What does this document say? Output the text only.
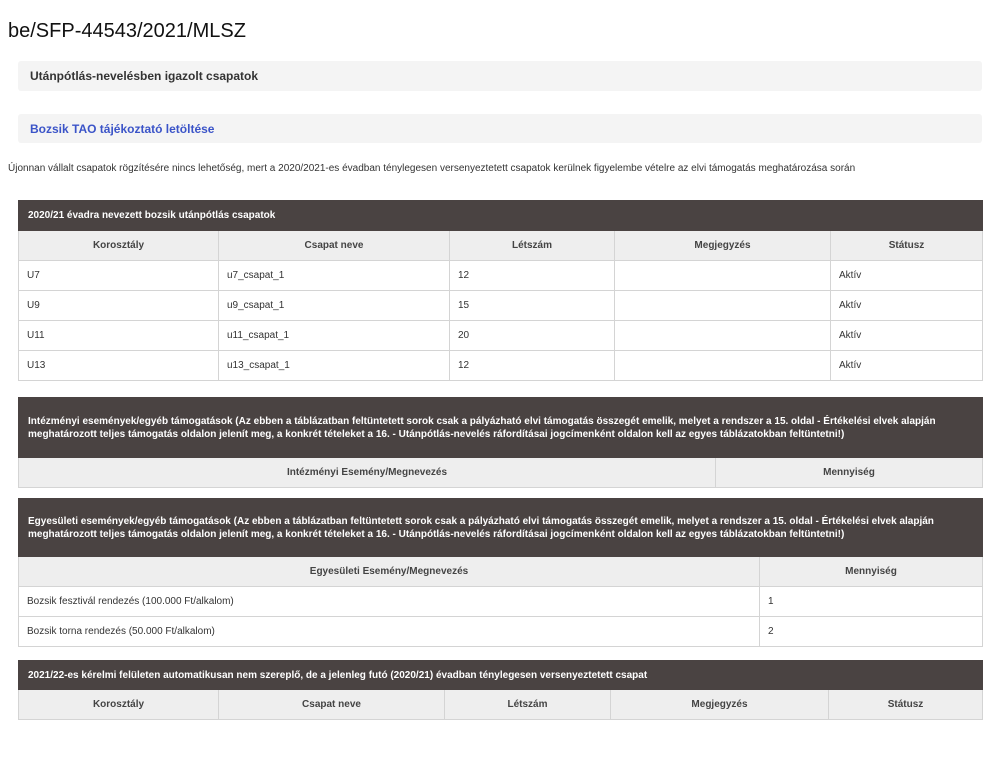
be/SFP-44543/2021/MLSZ
Utánpótlás-nevelésben igazolt csapatok
Bozsik TAO tájékoztató letöltése
Újonnan vállalt csapatok rögzítésére nincs lehetőség, mert a 2020/2021-es évadban ténylegesen versenyeztetett csapatok kerülnek figyelembe vételre az elvi támogatás meghatározása során
2020/21 évadra nevezett bozsik utánpótlás csapatok				
Korosztály	Csapat neve	Létszám	Megjegyzés	Státusz
U7	u7_csapat_1	12		Aktív
U9	u9_csapat_1	15		Aktív
U11	u11_csapat_1	20		Aktív
U13	u13_csapat_1	12		Aktív
Intézményi események/egyéb támogatások (Az ebben a táblázatban feltüntetett sorok csak a pályázható elvi támogatás összegét emelik, melyet a rendszer a 15. oldal - Értékelési elvek alapján meghatározott teljes támogatás oldalon jelenít meg, a konkrét tételeket a 16. - Utánpótlás-nevelés ráfordításai jogcímenként oldalon kell az egyes táblázatokban feltüntetni!)
Intézményi Esemény/Megnevezés	Mennyiség
Egyesületi események/egyéb támogatások (Az ebben a táblázatban feltüntetett sorok csak a pályázható elvi támogatás összegét emelik, melyet a rendszer a 15. oldal - Értékelési elvek alapján meghatározott teljes támogatás oldalon jelenít meg, a konkrét tételeket a 16. - Utánpótlás-nevelés ráfordításai jogcímenként oldalon kell az egyes táblázatokban feltüntetni!)	
Egyesületi Esemény/Megnevezés	Mennyiség
Bozsik fesztivál rendezés (100.000 Ft/alkalom)	1
Bozsik torna rendezés (50.000 Ft/alkalom)	2
2021/22-es kérelmi felületen automatikusan nem szereplő, de a jelenleg futó (2020/21) évadban ténylegesen versenyeztetett csapat
Korosztály	Csapat neve	Létszám	Megjegyzés	Státusz
